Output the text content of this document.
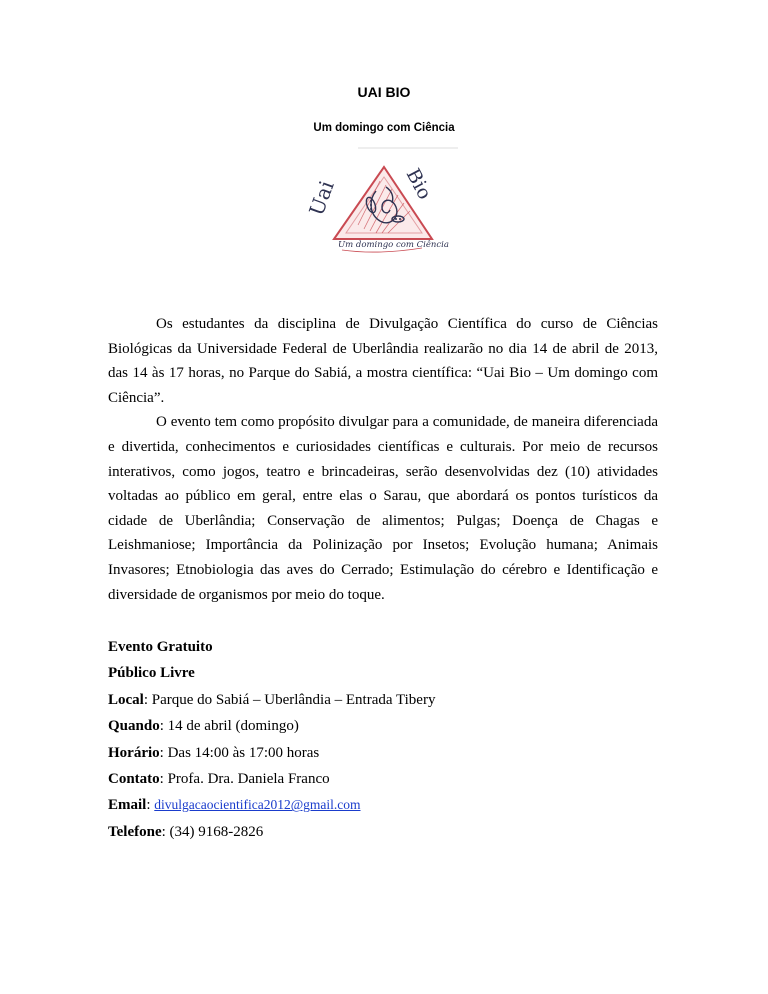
UAI BIO
Um domingo com Ciência
Uai	Bio
Um domingo com Ciência

Os estudantes da disciplina de Divulgação Científica do curso de Ciências Biológicas da Universidade Federal de Uberlândia realizarão no dia 14 de abril de 2013, das 14 às 17 horas, no Parque do Sabiá, a mostra científica: “Uai Bio – Um domingo com Ciência”.

O evento tem como propósito divulgar para a comunidade, de maneira diferenciada e divertida, conhecimentos e curiosidades científicas e culturais. Por meio de recursos interativos, como jogos, teatro e brincadeiras, serão desenvolvidas dez (10) atividades voltadas ao público em geral, entre elas o Sarau, que abordará os pontos turísticos da cidade de Uberlândia; Conservação de alimentos; Pulgas; Doença de Chagas e Leishmaniose; Importância da Polinização por Insetos; Evolução humana; Animais Invasores; Etnobiologia das aves do Cerrado; Estimulação do cérebro e Identificação e diversidade de organismos por meio do toque.

Evento Gratuito
Público Livre
Local: Parque do Sabiá – Uberlândia – Entrada Tibery
Quando: 14 de abril (domingo)
Horário: Das 14:00 às 17:00 horas
Contato: Profa. Dra. Daniela Franco
Email: divulgacaocientifica2012@gmail.com
Telefone: (34) 9168-2826
